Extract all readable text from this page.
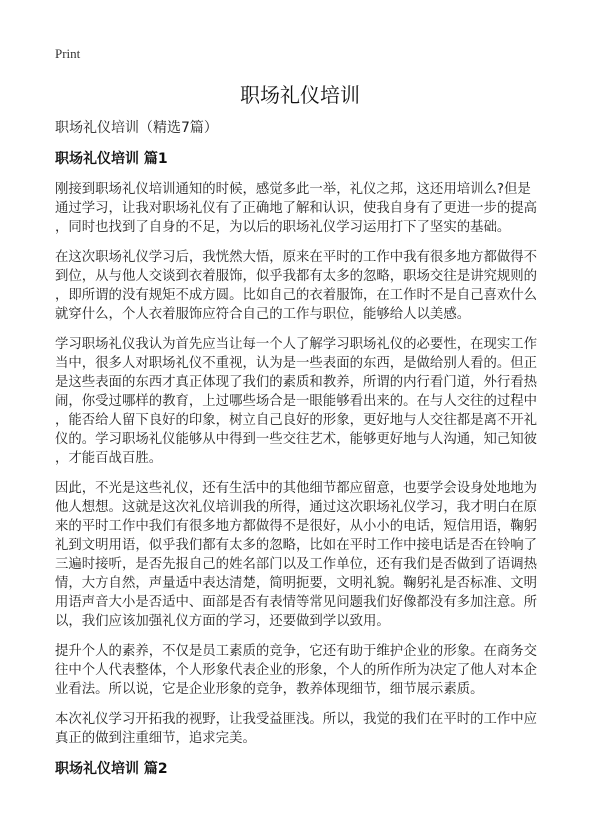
Print
职场礼仪培训
职场礼仪培训（精选7篇）
职场礼仪培训 篇1
刚接到职场礼仪培训通知的时候，感觉多此一举，礼仪之邦，这还用培训么?但是
通过学习，让我对职场礼仪有了正确地了解和认识，使我自身有了更进一步的提高
，同时也找到了自身的不足，为以后的职场礼仪学习运用打下了坚实的基础。
在这次职场礼仪学习后，我恍然大悟，原来在平时的工作中我有很多地方都做得不
到位，从与他人交谈到衣着服饰，似乎我都有太多的忽略，职场交往是讲究规则的
，即所谓的没有规矩不成方圆。比如自己的衣着服饰，在工作时不是自己喜欢什么
就穿什么，个人衣着服饰应符合自己的工作与职位，能够给人以美感。
学习职场礼仪我认为首先应当让每一个人了解学习职场礼仪的必要性，在现实工作
当中，很多人对职场礼仪不重视，认为是一些表面的东西，是做给别人看的。但正
是这些表面的东西才真正体现了我们的素质和教养，所谓的内行看门道，外行看热
闹，你受过哪样的教育，上过哪些场合是一眼能够看出来的。在与人交往的过程中
，能否给人留下良好的印象，树立自己良好的形象，更好地与人交往都是离不开礼
仪的。学习职场礼仪能够从中得到一些交往艺术，能够更好地与人沟通，知己知彼
，才能百战百胜。
因此，不光是这些礼仪，还有生活中的其他细节都应留意，也要学会设身处地地为
他人想想。这就是这次礼仪培训我的所得，通过这次职场礼仪学习，我才明白在原
来的平时工作中我们有很多地方都做得不是很好，从小小的电话，短信用语，鞠躬
礼到文明用语，似乎我们都有太多的忽略，比如在平时工作中接电话是否在铃响了
三遍时接听，是否先报自己的姓名部门以及工作单位，还有我们是否做到了语调热
情，大方自然，声量适中表达清楚，简明扼要，文明礼貌。鞠躬礼是否标准、文明
用语声音大小是否适中、面部是否有表情等常见问题我们好像都没有多加注意。所
以，我们应该加强礼仪方面的学习，还要做到学以致用。
提升个人的素养，不仅是员工素质的竞争，它还有助于维护企业的形象。在商务交
往中个人代表整体，个人形象代表企业的形象，个人的所作所为决定了他人对本企
业看法。所以说，它是企业形象的竞争，教养体现细节，细节展示素质。
本次礼仪学习开拓我的视野，让我受益匪浅。所以，我觉的我们在平时的工作中应
真正的做到注重细节，追求完美。
职场礼仪培训 篇2
